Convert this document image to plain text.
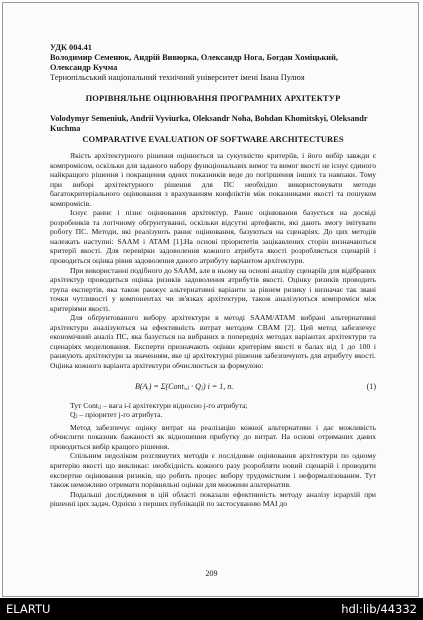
УДК 004.41
Володимир Семенюк, Андрій Вивюрка, Олександр Нога, Богдан Хоміцький, Олександр Кучма
Тернопільський національний технічний університет імені Івана Пулюя
ПОРІВНЯЛЬНЕ ОЦІНЮВАННЯ ПРОГРАМНИХ АРХІТЕКТУР
Volodymyr Semeniuk, Andrii Vyviurka, Oleksandr Noha, Bohdan Khomitskyi, Oleksandr Kuchma
COMPARATIVE EVALUATION OF SOFTWARE ARCHITECTURES

Якість архітектурного рішення оцінюється за сукупністю критеріїв, і його вибір завжди є компромісом, оскільки для заданого набору функціональних вимог та вимог якості не існує єдиного найкращого рішення і покращення одних показників веде до погіршення інших та навпаки. Тому при виборі архітектурного рішення для ПС необхідно використовувати методи багатокритеріального оцінювання з врахуванням конфліктів між показниками якості та пошуком компромісів.

Існує раннє і пізнє оцінювання архітектур. Раннє оцінювання базується на досвіді розробників та логічному обґрунтуванні, оскільки відсутні артефакти, які дають змогу імітувати роботу ПС. Методи, які реалізують раннє оцінювання, базуються на сценаріях. До цих методів належать наступні: SAAM і ATAM [1].На основі пріоритетів зацікавлених сторін визначаються критерії якості. Для перевірки задоволення кожного атрибута якості розробляється сценарій і проводиться оцінка рівня задоволення даного атрибуту варіантом архітектури.

При використанні подібного до SAAM, але в ньому на основі аналізу сценаріїв для відібраних архітектур проводиться оцінка ризиків задоволення атрибутів якості. Оцінку ризиків проводить група експертів, яка також ранжує альтернативні варіанти за рівнем ризику і визначає так звані точки чутливості у компонентах чи зв'язках архітектури, також аналізуються компроміси між критеріями якості.

Для обґрунтованого вибору архітектури в методі SAAM/ATAM вибрані альтернативні архітектури аналізуються на ефективність витрат методом CBAM [2]. Цей метод забезпечує економічний аналіз ПС, яка базується на вибраних в попередніх методах варіантах архітектури та сценаріях моделювання. Експерти призначають оцінки критеріям якості в балах від 1 до 100 і ранжують архітектури за значенням, яке ці архітектурні рішення забезпечують для атрибуту якості. Оцінка кожного варіанта архітектури обчислюється за формулою:

B(Aᵢ) = Σ(Contᵢ,ⱼ · Qⱼ) i = 1, n.	(1)
Тут Contᵢⱼ – вага i-ї архітектури відносно j-го атрибута;
Qⱼ – пріоритет j-го атрибута.

Метод забезпечує оцінку витрат на реалізацію кожної альтернативи і дає можливість обчислити показник бажаності як відношення прибутку до витрат. На основі отриманих даних проводиться вибір кращого рішення.

Спільним недоліком розглянутих методів є послідовне оцінювання архітектури по одному критерію якості що викликає: необхідність кожного разу розробляти новий сценарій і проводити експертне оцінювання ризиків, що робить процес вибору трудомістким і неформалізованим. Тут також неможливо отримати порівняльні оцінки для множини альтернатив.

Подальші дослідження в цій області показали ефективність методу аналізу ієрархій при рішенні цих задач. Однією з перших публікацій по застосуванню МАІ до

209
ELARTU	hdl:lib/44332
